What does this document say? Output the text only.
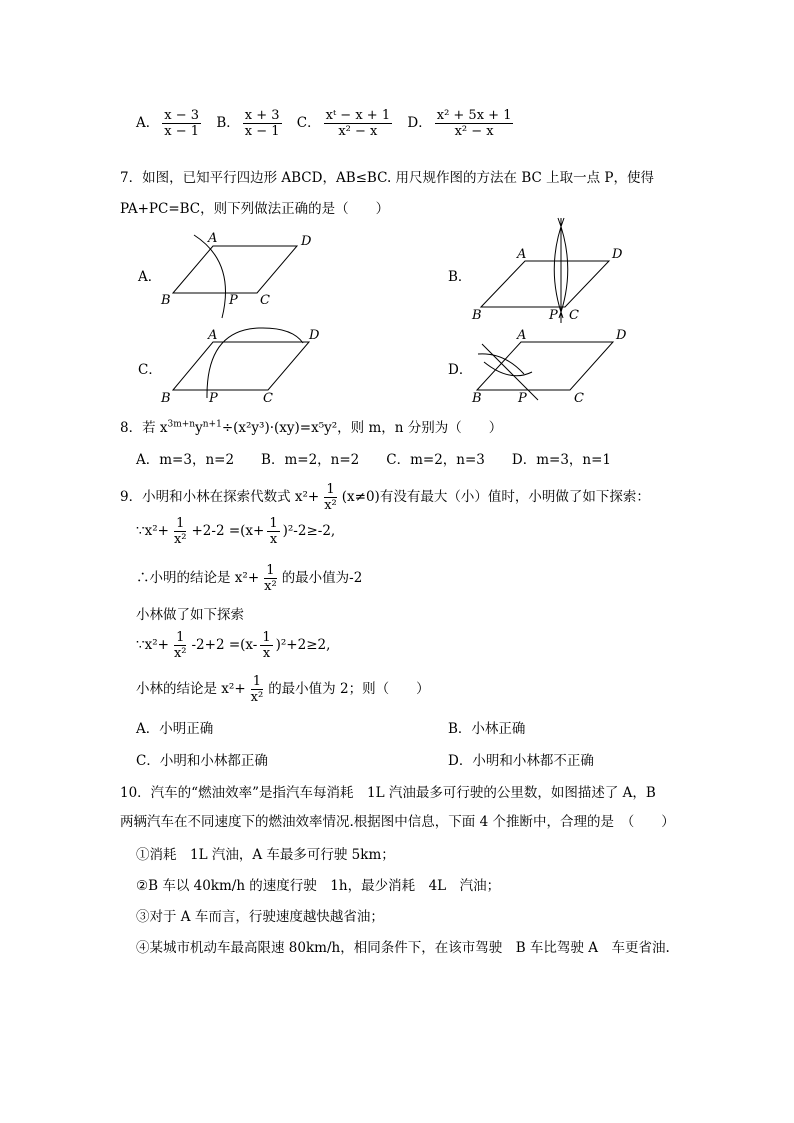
A． $\frac{x - 3}{x - 1}$ B． $\frac{x + 3}{x - 1}$ C． $\frac{\text{xᵗ − x + 1}}{\text{x² − x}}$ D． $\frac{\text{x² + 5x + 1}}{\text{x² − x}}$
7．如图，已知平行四边形 ABCD，AB≤BC. 用尺规作图的方法在 BC 上取一点 P，使得
PA+PC=BC，则下列做法正确的是（　　）
A．	B．
C．	D．
A	D
B	P C
A	D
B	P C
A	D
B	P	C
A	D
B	P	C
8．若 $x^{3m+n}y^{n+1}\div(x^2y^3)\cdot(xy)=x^5y^2$，则 m，n 分别为（　　）
A．m=3，n=2　　B．m=2，n=2　　C．m=2，n=3　　D．m=3，n=1
9．小明和小林在探索代数式 $x^2+ \frac{1}{\text{x²}} (x\ne 0)$有没有最大（小）值时，小明做了如下探索：
∵x²+ $\frac{1}{\text{x²}} +2-2 =(x+ \frac{1}{x} )^2-2\ge-2$,
∴小明的结论是 $x^2+ \frac{1}{\text{x²}}$ 的最小值为-2
小林做了如下探索
∵x²+ $\frac{1}{\text{x²}} -2+2 =(x- \frac{1}{x} )^2+2\ge 2$,
小林的结论是 $x^2+ \frac{1}{\text{x²}}$ 的最小值为 2；则（　　）
A．小明正确	B．小林正确
C．小明和小林都正确	D．小明和小林都不正确
10．汽车的“燃油效率”是指汽车每消耗　1L 汽油最多可行驶的公里数，如图描述了 A，B
两辆汽车在不同速度下的燃油效率情况.根据图中信息，下面 4 个推断中，合理的是　（　　）
①消耗　1L 汽油，A 车最多可行驶 5km；
②B 车以 40km/h 的速度行驶　1h，最少消耗　4L　汽油；
③对于 A 车而言，行驶速度越快越省油；
④某城市机动车最高限速 80km/h，相同条件下，在该市驾驶　B 车比驾驶 A　车更省油.
